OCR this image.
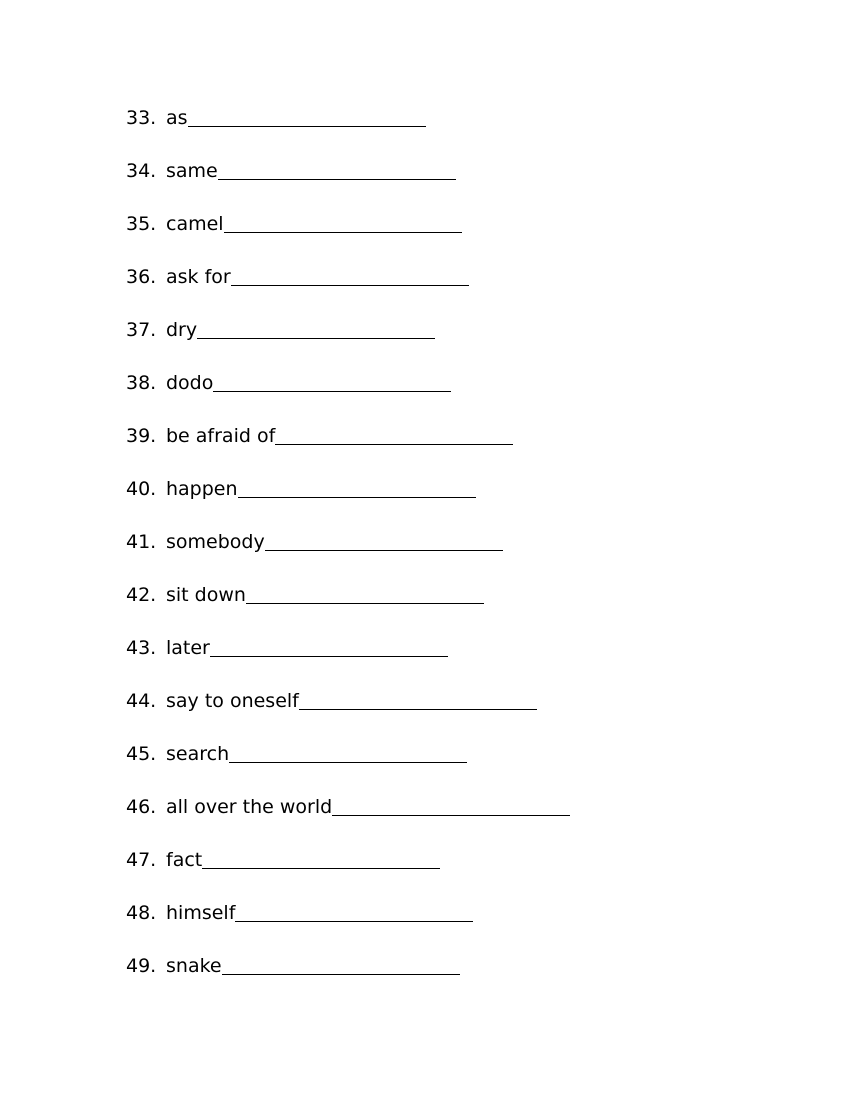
33. as
34. same
35. camel
36. ask for
37. dry
38. dodo
39. be afraid of
40. happen
41. somebody
42. sit down
43. later
44. say to oneself
45. search
46. all over the world
47. fact
48. himself
49. snake
